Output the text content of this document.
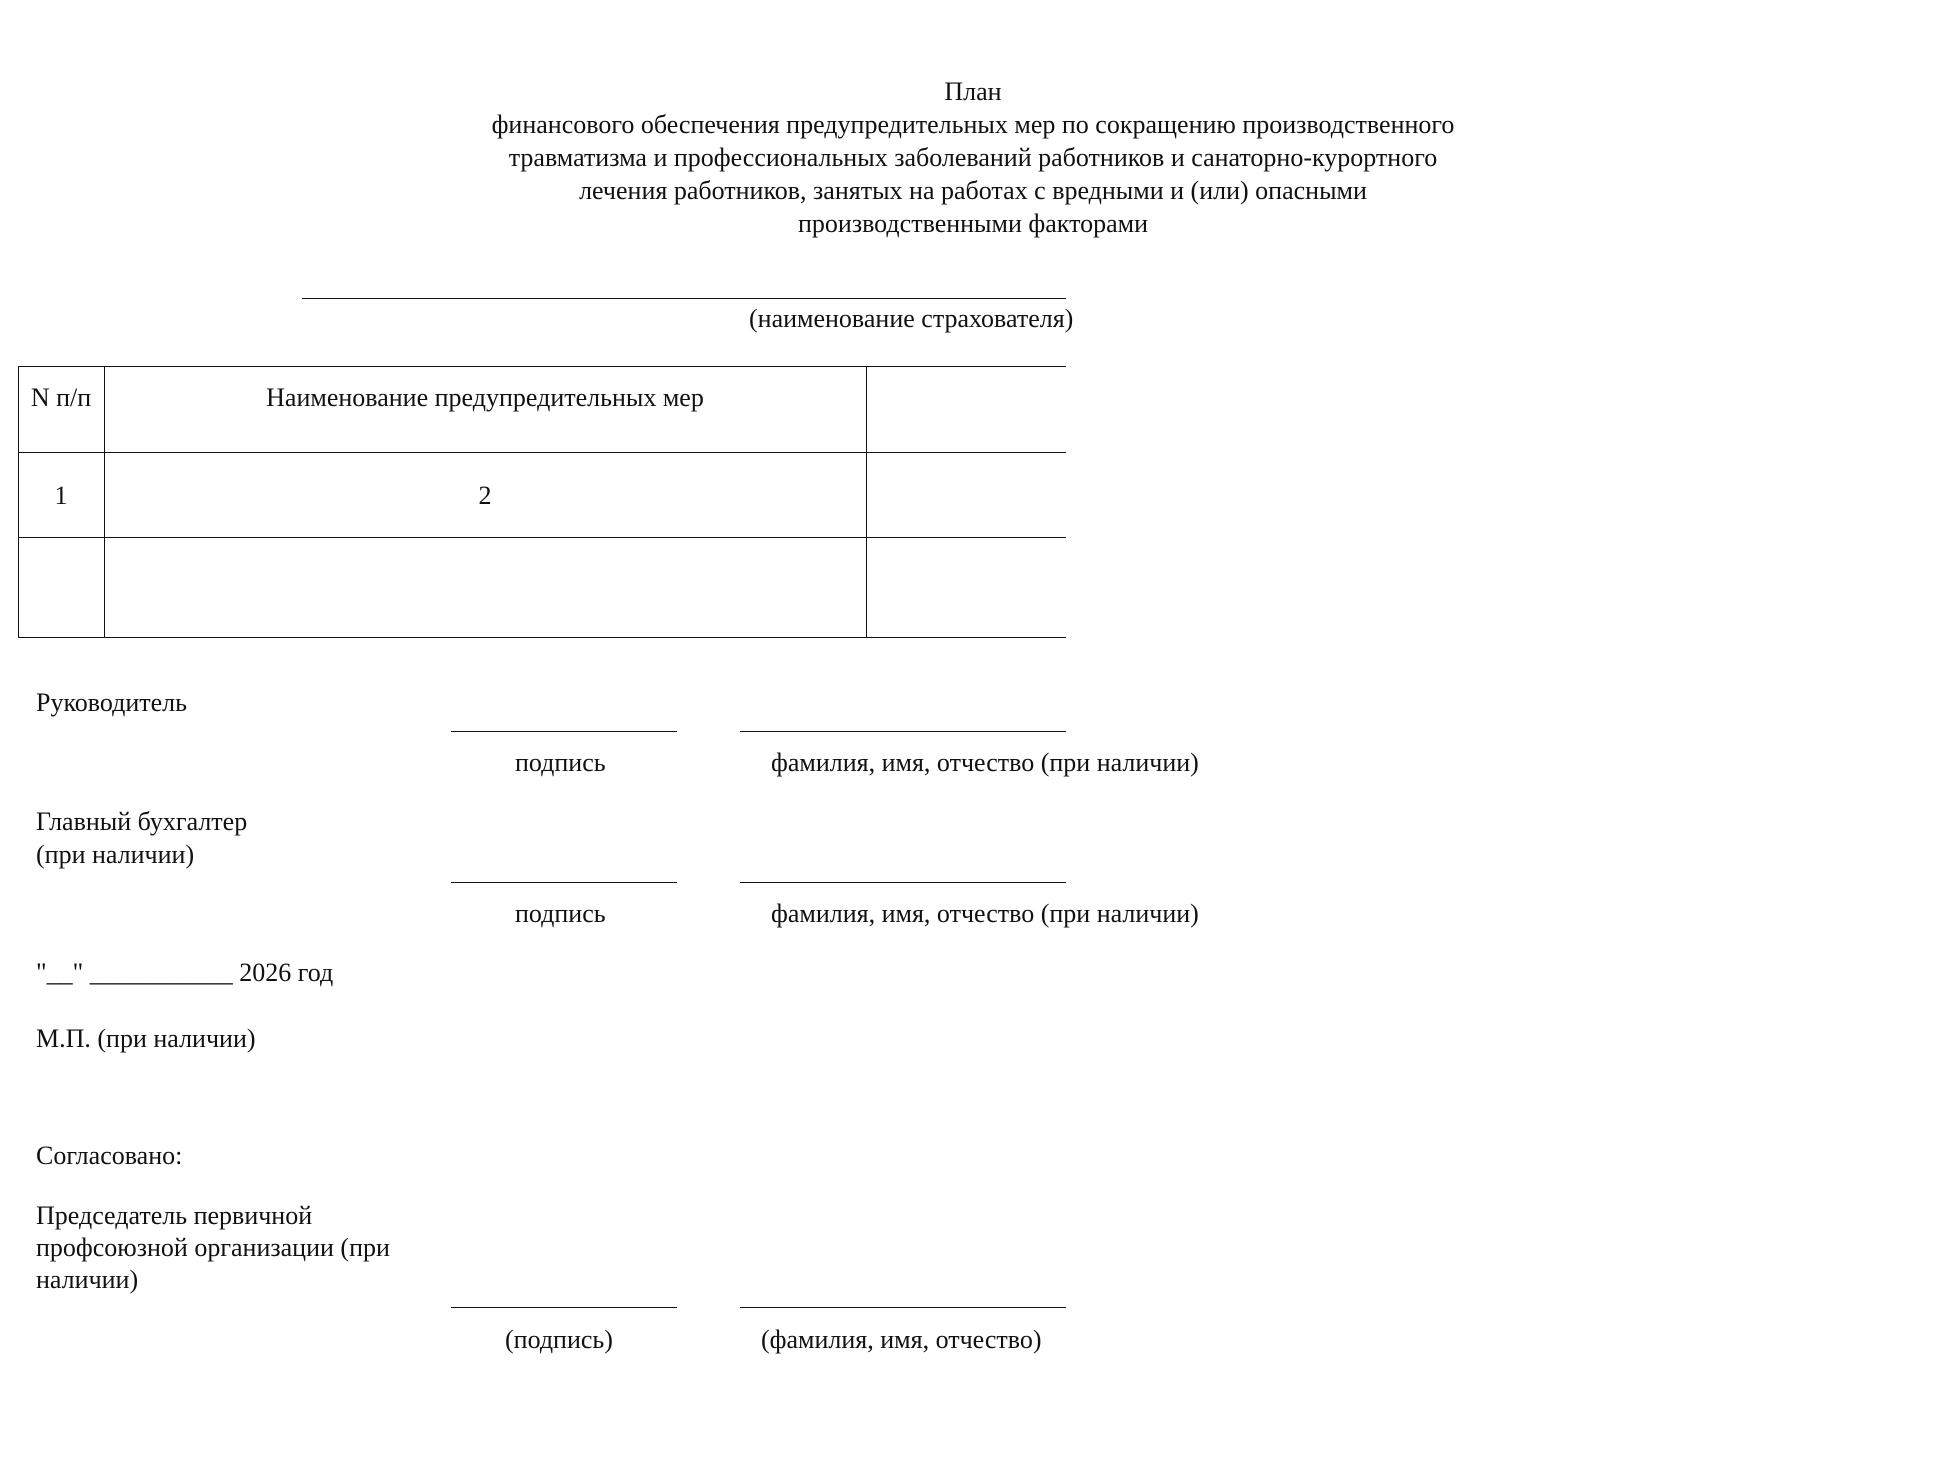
План
финансового обеспечения предупредительных мер по сокращению производственного
травматизма и профессиональных заболеваний работников и санаторно-курортного
лечения работников, занятых на работах с вредными и (или) опасными
производственными факторами
(наименование страхователя)
N п/п	Наименование предупредительных мер
1	2
Руководитель
подпись	фамилия, имя, отчество (при наличии)
Главный бухгалтер
(при наличии)
подпись	фамилия, имя, отчество (при наличии)
"__" ___________ 2026 год
М.П. (при наличии)
Согласовано:
Председатель первичной профсоюзной организации (при наличии)
(подпись)	(фамилия, имя, отчество)
